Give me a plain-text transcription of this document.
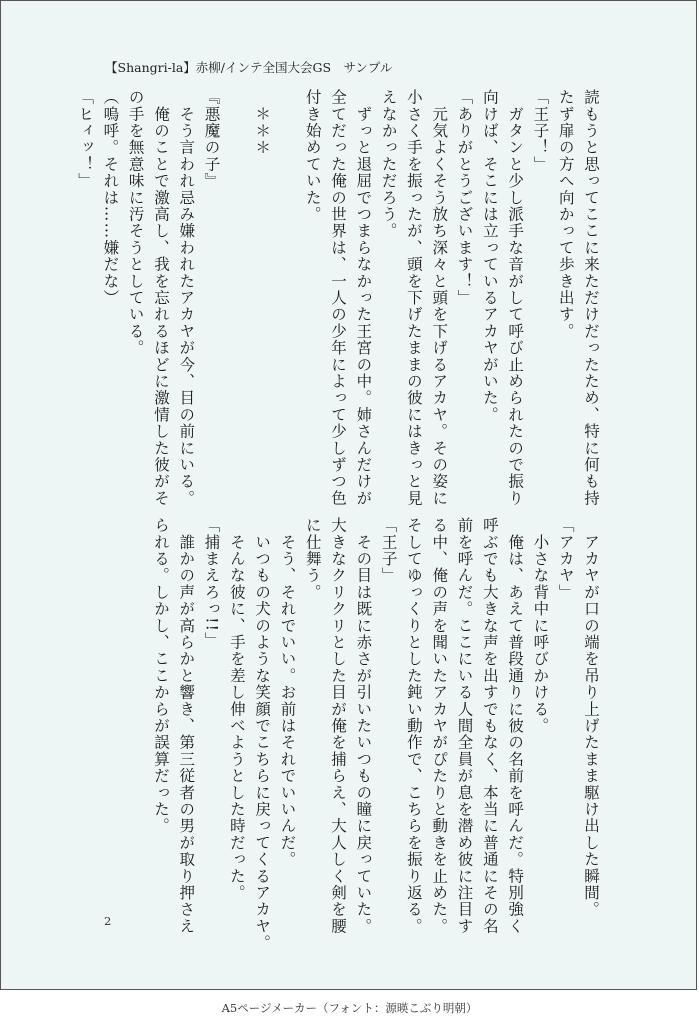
【Shangri-la】赤柳/インテ全国大会GS　サンプル
読もうと思ってここに来ただけだったため、特に何も持
たず扉の方へ向かって歩き出す。
「王子！」
　ガタンと少し派手な音がして呼び止められたので振り
向けば、そこには立っているアカヤがいた。
「ありがとうございます！」
　元気よくそう放ち深々と頭を下げるアカヤ。その姿に
小さく手を振ったが、頭を下げたままの彼にはきっと見
えなかっただろう。
　ずっと退屈でつまらなかった王宮の中。姉さんだけが
全てだった俺の世界は、一人の少年によって少しずつ色
付き始めていた。

　＊＊＊

『悪魔の子』
　そう言われ忌み嫌われたアカヤが今、目の前にいる。
　俺のことで激高し、我を忘れるほどに激情した彼がそ
の手を無意味に汚そうとしている。
（嗚呼。それは……嫌だな）
「ヒィッ！」
　アカヤが口の端を吊り上げたまま駆け出した瞬間。
「アカヤ」
　小さな背中に呼びかける。
　俺は、あえて普段通りに彼の名前を呼んだ。特別強く
呼ぶでも大きな声を出すでもなく、本当に普通にその名
前を呼んだ。ここにいる人間全員が息を潜め彼に注目す
る中、俺の声を聞いたアカヤがぴたりと動きを止めた。
そしてゆっくりとした鈍い動作で、こちらを振り返る。
「王子」
　その目は既に赤さが引いたいつもの瞳に戻っていた。
大きなクリクリとした目が俺を捕らえ、大人しく剣を腰
に仕舞う。
　そう、それでいい。お前はそれでいいんだ。
　いつもの犬のような笑顔でこちらに戻ってくるアカヤ。
　そんな彼に、手を差し伸べようとした時だった。
「捕まえろっ!!」
　誰かの声が高らかと響き、第三従者の男が取り押さえ
られる。しかし、ここからが誤算だった。
2
A5ページメーカー（フォント：源暎こぶり明朝）
